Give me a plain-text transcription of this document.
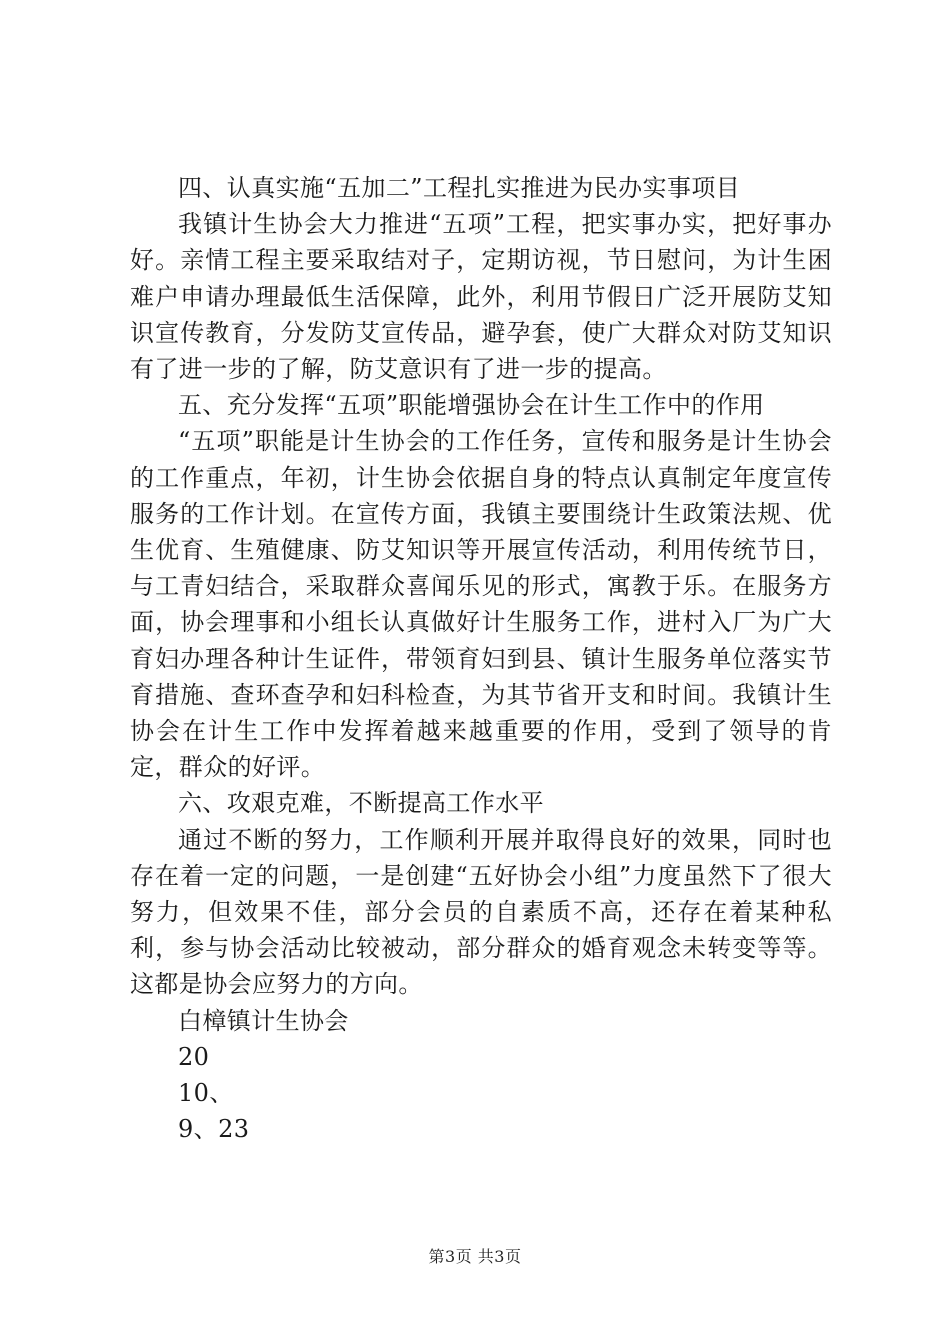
四、认真实施“五加二”工程扎实推进为民办实事项目

我镇计生协会大力推进“五项”工程，把实事办实，把好事办好。亲情工程主要采取结对子，定期访视，节日慰问，为计生困难户申请办理最低生活保障，此外，利用节假日广泛开展防艾知识宣传教育，分发防艾宣传品，避孕套，使广大群众对防艾知识有了进一步的了解，防艾意识有了进一步的提高。

五、充分发挥“五项”职能增强协会在计生工作中的作用

“五项”职能是计生协会的工作任务，宣传和服务是计生协会的工作重点，年初，计生协会依据自身的特点认真制定年度宣传服务的工作计划。在宣传方面，我镇主要围绕计生政策法规、优生优育、生殖健康、防艾知识等开展宣传活动，利用传统节日，与工青妇结合，采取群众喜闻乐见的形式，寓教于乐。在服务方面，协会理事和小组长认真做好计生服务工作，进村入厂为广大育妇办理各种计生证件，带领育妇到县、镇计生服务单位落实节育措施、查环查孕和妇科检查，为其节省开支和时间。我镇计生协会在计生工作中发挥着越来越重要的作用，受到了领导的肯定，群众的好评。

六、攻艰克难，不断提高工作水平

通过不断的努力，工作顺利开展并取得良好的效果，同时也存在着一定的问题，一是创建“五好协会小组”力度虽然下了很大努力，但效果不佳，部分会员的自素质不高，还存在着某种私利，参与协会活动比较被动，部分群众的婚育观念未转变等等。这都是协会应努力的方向。

白樟镇计生协会

20

10、

9、23

第3页 共3页
